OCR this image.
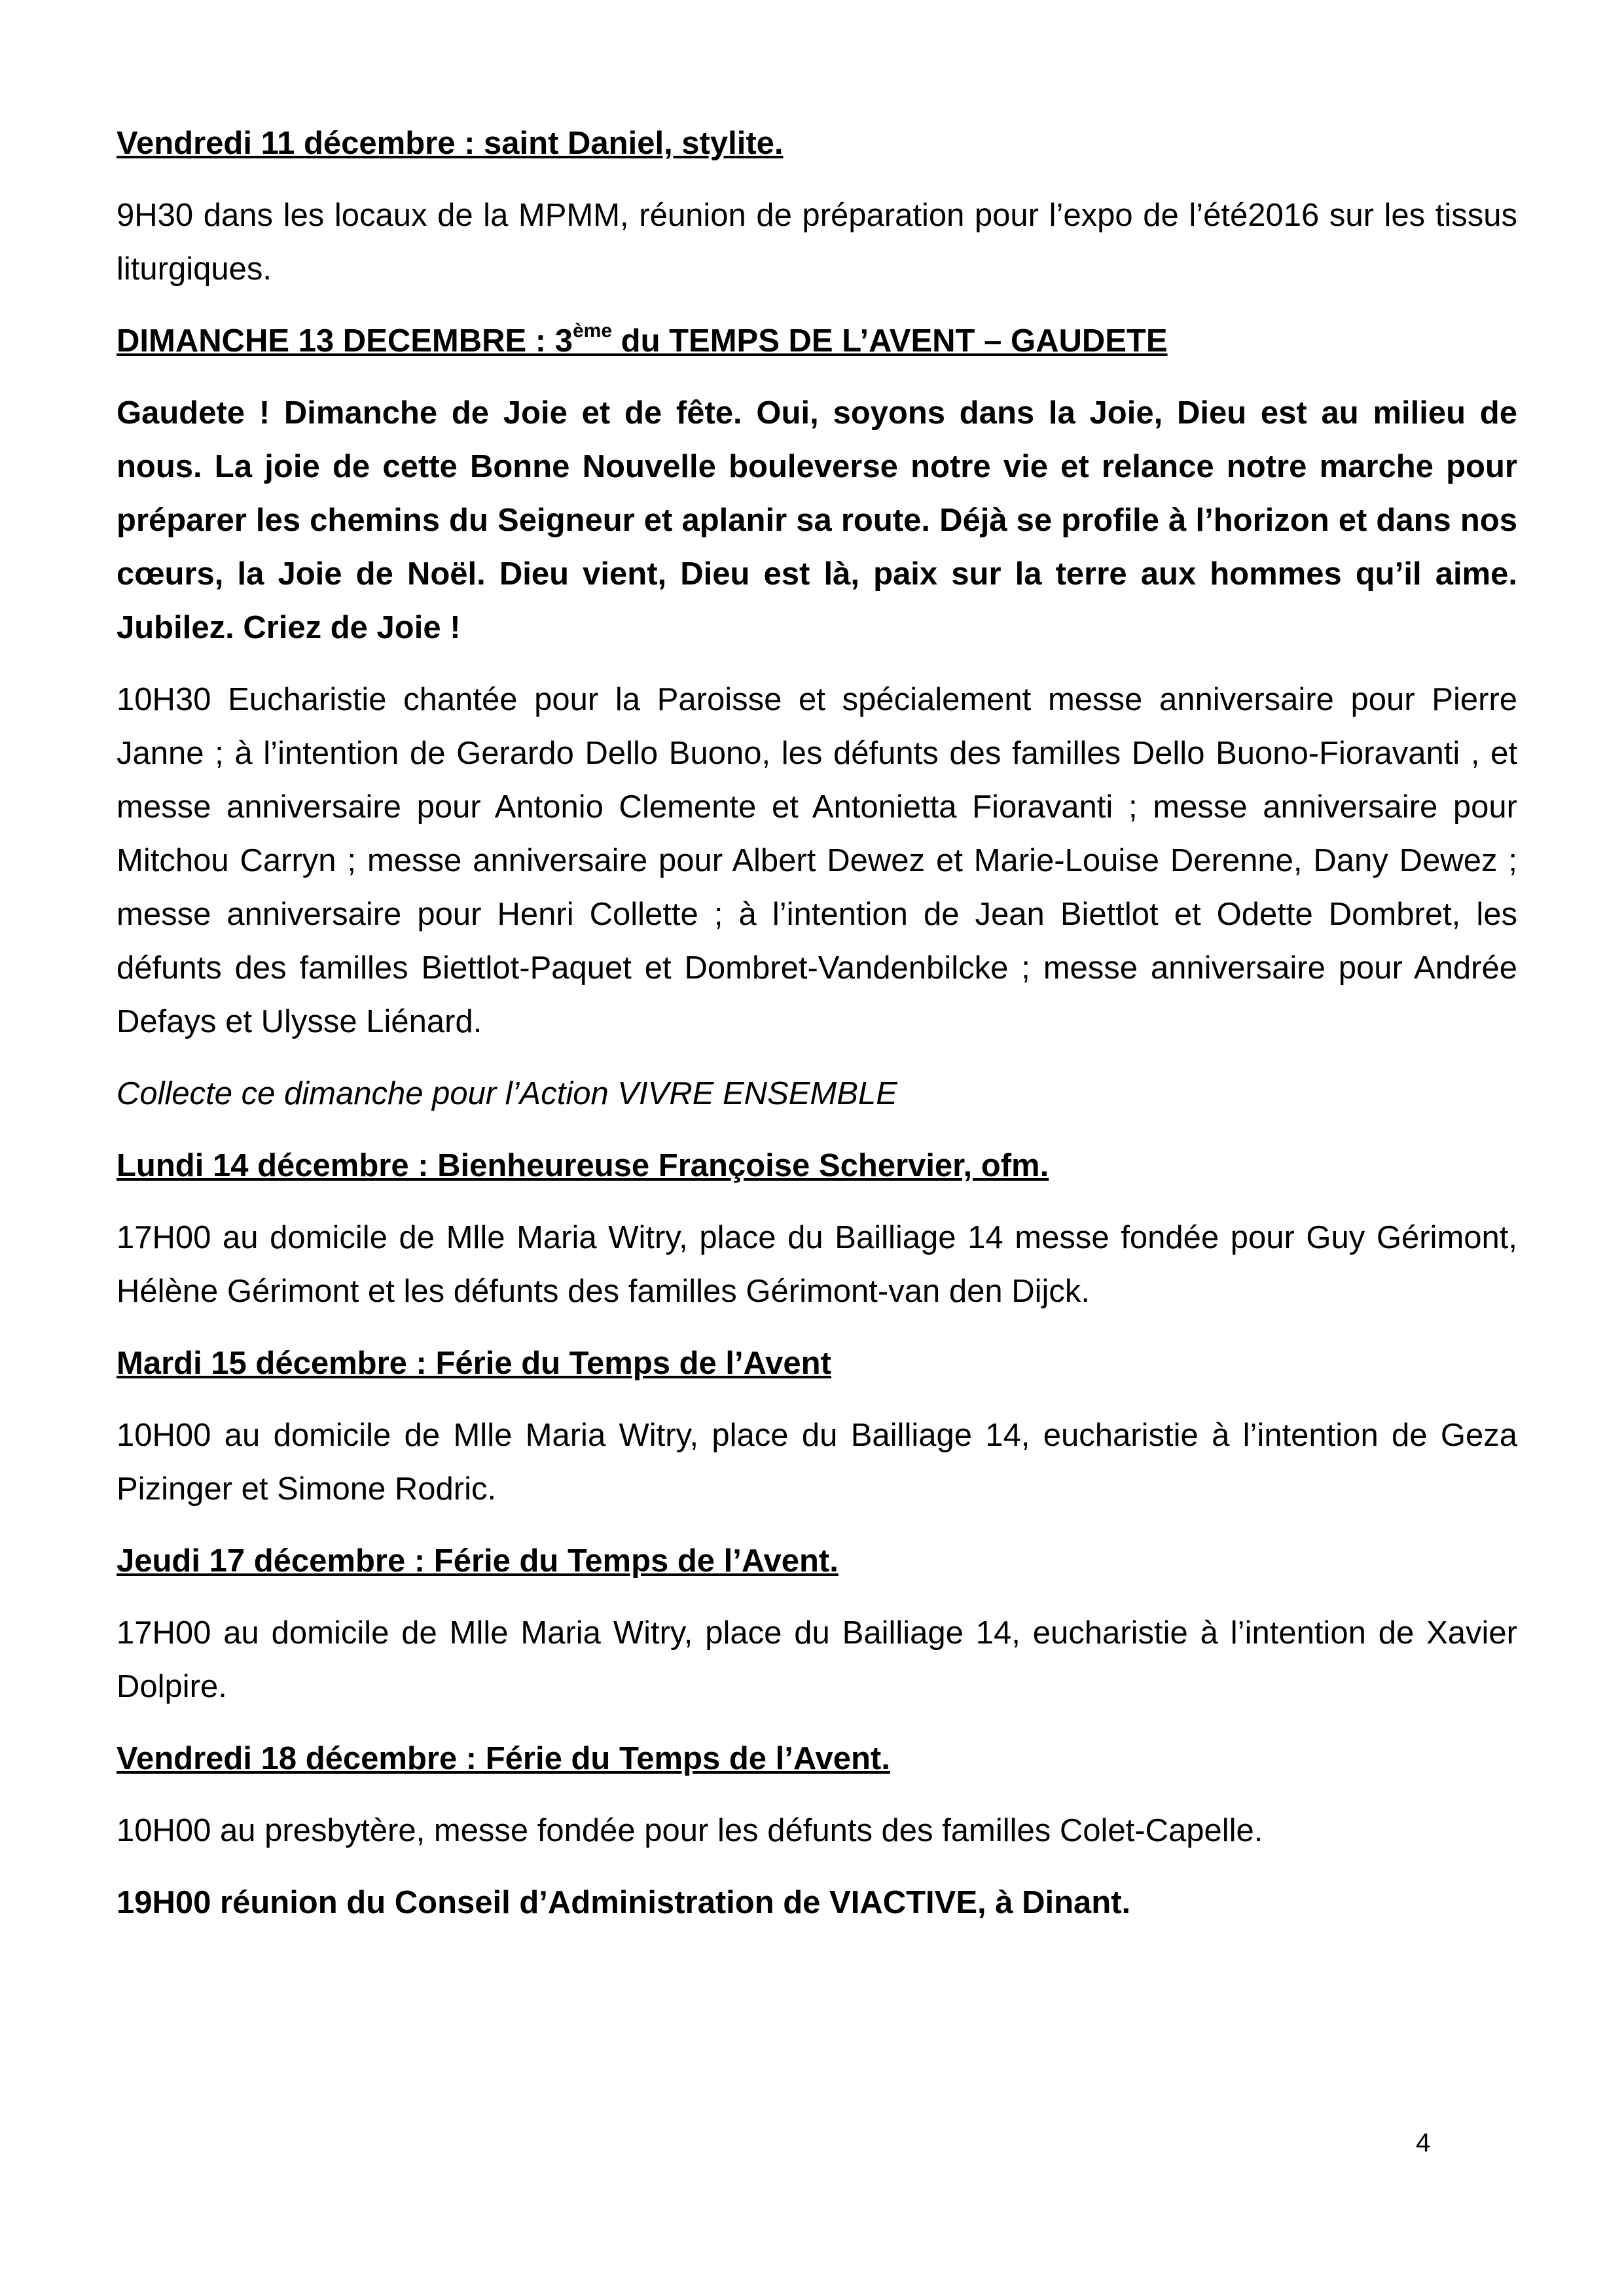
Vendredi 11 décembre : saint Daniel, stylite.

9H30 dans les locaux de la MPMM, réunion de préparation pour l’expo de l’été2016 sur les tissus liturgiques.

DIMANCHE 13 DECEMBRE : 3ème du TEMPS DE L’AVENT – GAUDETE

Gaudete ! Dimanche de Joie et de fête. Oui, soyons dans la Joie, Dieu est au milieu de nous. La joie de cette Bonne Nouvelle bouleverse notre vie et relance notre marche pour préparer les chemins du Seigneur et aplanir sa route. Déjà se profile à l’horizon et dans nos cœurs, la Joie de Noël. Dieu vient, Dieu est là, paix sur la terre aux hommes qu’il aime. Jubilez. Criez de Joie !

10H30 Eucharistie chantée pour la Paroisse et spécialement messe anniversaire pour Pierre Janne ; à l’intention de Gerardo Dello Buono, les défunts des familles Dello Buono-Fioravanti , et messe anniversaire pour Antonio Clemente et Antonietta Fioravanti ; messe anniversaire pour Mitchou Carryn ; messe anniversaire pour Albert Dewez et Marie-Louise Derenne, Dany Dewez ; messe anniversaire pour Henri Collette ; à l’intention de Jean Biettlot et Odette Dombret, les défunts des familles Biettlot-Paquet et Dombret-Vandenbilcke ; messe anniversaire pour Andrée Defays et Ulysse Liénard.

Collecte ce dimanche pour l’Action VIVRE ENSEMBLE

Lundi 14 décembre : Bienheureuse Françoise Schervier, ofm.

17H00 au domicile de Mlle Maria Witry, place du Bailliage 14 messe fondée pour Guy Gérimont, Hélène Gérimont et les défunts des familles Gérimont-van den Dijck.

Mardi 15 décembre : Férie du Temps de l’Avent

10H00 au domicile de Mlle Maria Witry, place du Bailliage 14, eucharistie à l’intention de Geza Pizinger et Simone Rodric.

Jeudi 17 décembre : Férie du Temps de l’Avent.

17H00 au domicile de Mlle Maria Witry, place du Bailliage 14, eucharistie à l’intention de Xavier Dolpire.

Vendredi 18 décembre : Férie du Temps de l’Avent.

10H00 au presbytère, messe fondée pour les défunts des familles Colet-Capelle.

19H00 réunion du Conseil d’Administration de VIACTIVE, à Dinant.

4
